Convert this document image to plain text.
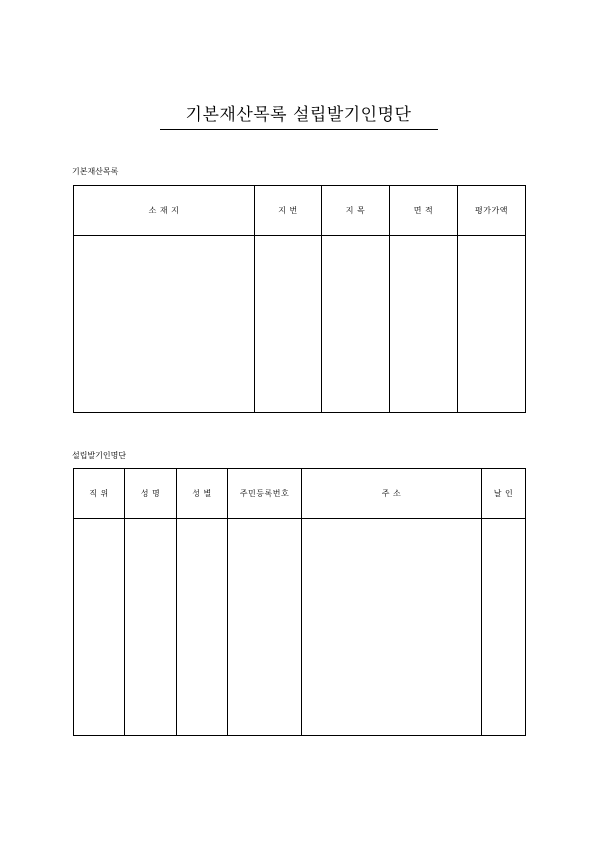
기본재산목록 설립발기인명단
기본재산목록
소 재 지	지 번	지 목	면 적	평가가액

설립발기인명단
직 위	성 명	성 별	주민등록번호	주 소	날 인
